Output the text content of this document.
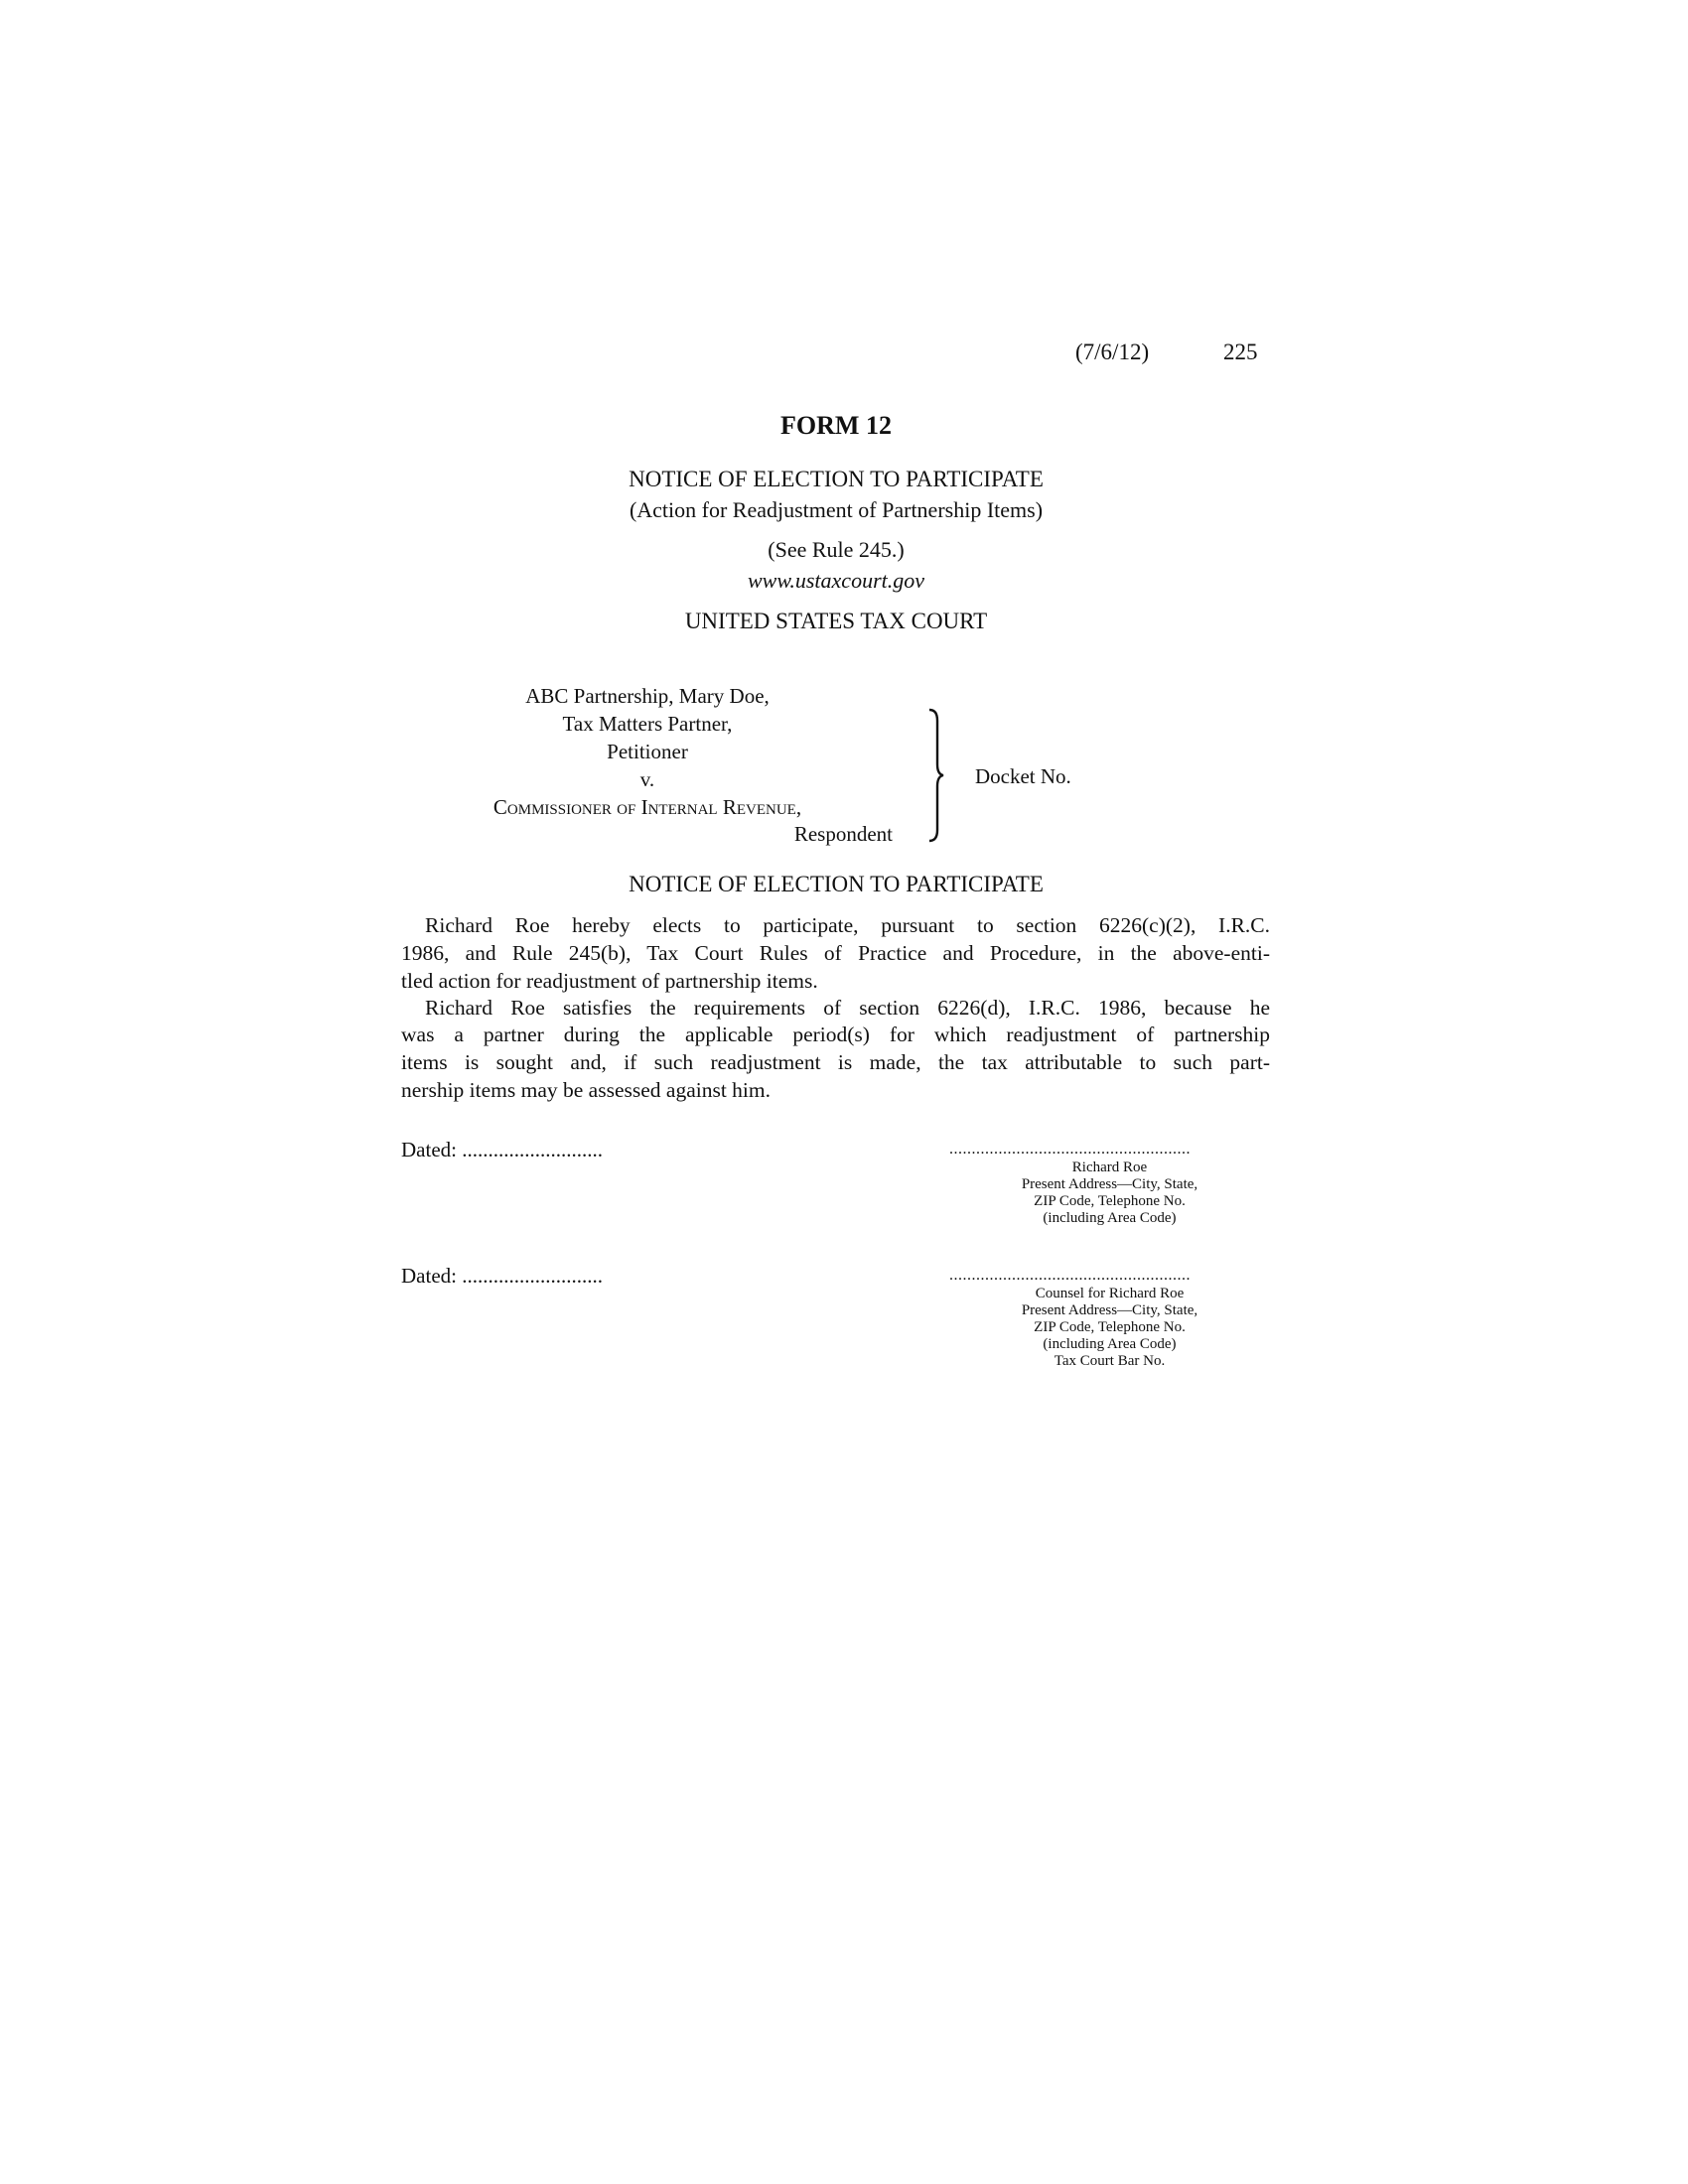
(7/6/12)	225
FORM 12
NOTICE OF ELECTION TO PARTICIPATE
(Action for Readjustment of Partnership Items)
(See Rule 245.)
www.ustaxcourt.gov
UNITED STATES TAX COURT
ABC Partnership, Mary Doe,
Tax Matters Partner,
Petitioner
v.
Commissioner of Internal Revenue,
Respondent
Docket No.
NOTICE OF ELECTION TO PARTICIPATE
Richard Roe hereby elects to participate, pursuant to section 6226(c)(2), I.R.C.
1986, and Rule 245(b), Tax Court Rules of Practice and Procedure, in the above-enti-
tled action for readjustment of partnership items.
Richard Roe satisfies the requirements of section 6226(d), I.R.C. 1986, because he
was a partner during the applicable period(s) for which readjustment of partnership
items is sought and, if such readjustment is made, the tax attributable to such part-
nership items may be assessed against him.
Dated: ...........................	......................................................
Richard Roe
Present Address—City, State,
ZIP Code, Telephone No.
(including Area Code)
Dated: ...........................	......................................................
Counsel for Richard Roe
Present Address—City, State,
ZIP Code, Telephone No.
(including Area Code)
Tax Court Bar No.
